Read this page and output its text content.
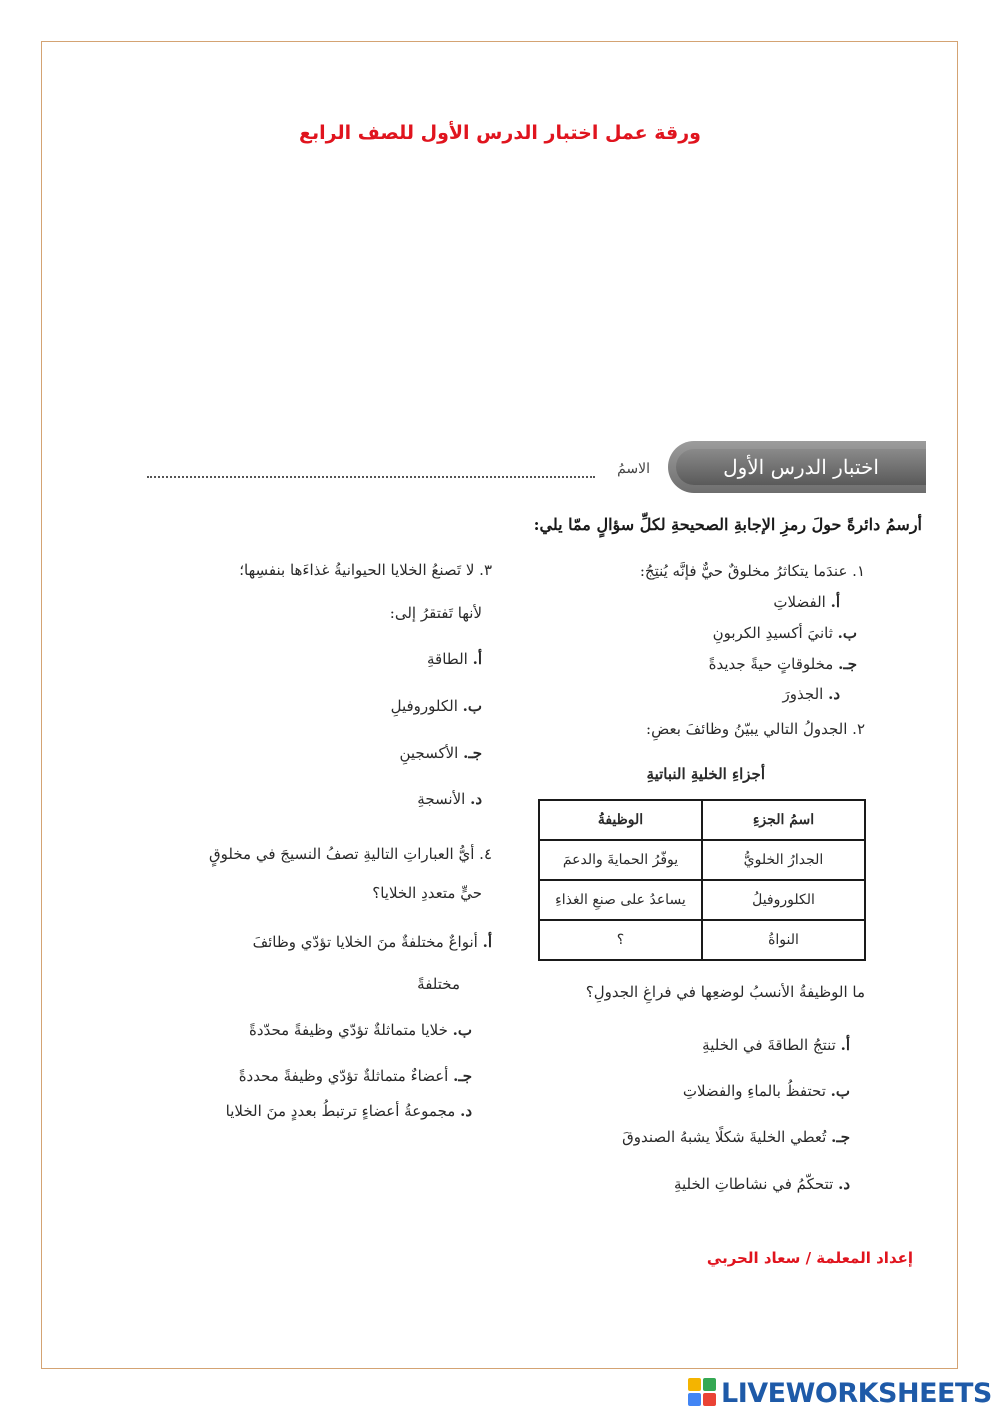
ورقة عمل اختبار الدرس الأول للصف الرابع
اختبار الدرس الأول
الاسمُ
أرسمُ دائرةً حولَ رمزِ الإجابةِ الصحيحةِ لكلِّ سؤالٍ ممّا يلي:
١. عندَما يتكاثرُ مخلوقٌ حيٌّ فإنَّه يُنتِجُ:
أ. الفضلاتِ
ب. ثانيَ أكسيدِ الكربونِ
جـ. مخلوقاتٍ حيةً جديدةً
د. الجذورَ
٢. الجدولُ التالي يبيّنُ وظائفَ بعضِ:
أجزاءِ الخليةِ النباتيةِ
اسمُ الجزءِ	الوظيفةُ
الجدارُ الخلويُّ	يوفّرُ الحمايةَ والدعمَ
الكلوروفيلُ	يساعدُ على صنعِ الغذاءِ
النواةُ	؟
ما الوظيفةُ الأنسبُ لوضعِها في فراغِ الجدولِ؟
أ. تنتجُ الطاقةَ في الخليةِ
ب. تحتفظُ بالماءِ والفضلاتِ
جـ. تُعطي الخليةَ شكلًا يشبهُ الصندوقَ
د. تتحكّمُ في نشاطاتِ الخليةِ
٣. لا تَصنعُ الخلايا الحيوانيةُ غذاءَها بنفسِها؛
لأنها تَفتقرُ إلى:
أ. الطاقةِ
ب. الكلوروفيلِ
جـ. الأكسجينِ
د. الأنسجةِ
٤. أيُّ العباراتِ التاليةِ تصفُ النسيجَ في مخلوقٍ
حيٍّ متعددِ الخلايا؟
أ. أنواعٌ مختلفةٌ منَ الخلايا تؤدّي وظائفَ
مختلفةً
ب. خلايا متماثلةٌ تؤدّي وظيفةً محدّدةً
جـ. أعضاءٌ متماثلةٌ تؤدّي وظيفةً محددةً
د. مجموعةُ أعضاءٍ ترتبطُ بعددٍ منَ الخلايا
إعداد المعلمة / سعاد الحربي
LIVEWORKSHEETS
